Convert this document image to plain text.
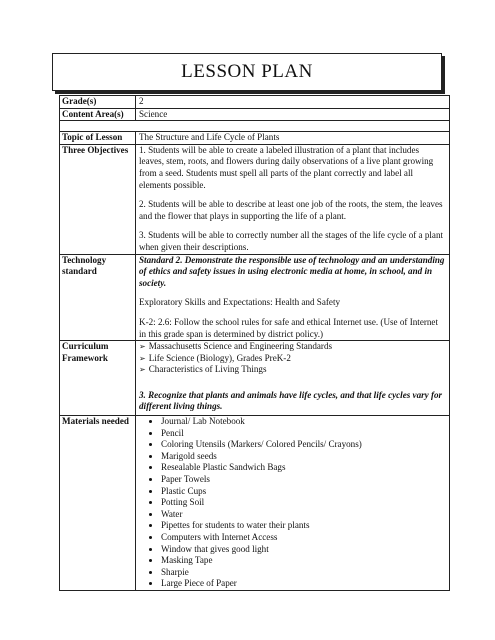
LESSON PLAN
Grade(s)	2
Content Area(s)	Science
Topic of Lesson	The Structure and Life Cycle of Plants
Three Objectives	1. Students will be able to create a labeled illustration of a plant that includes leaves, stem, roots, and flowers during daily observations of a live plant growing from a seed. Students must spell all parts of the plant correctly and label all elements possible.
2. Students will be able to describe at least one job of the roots, the stem, the leaves and the flower that plays in supporting the life of a plant.
3. Students will be able to correctly number all the stages of the life cycle of a plant when given their descriptions.
Technology standard
Standard 2. Demonstrate the responsible use of technology and an understanding of ethics and safety issues in using electronic media at home, in school, and in society.
Exploratory Skills and Expectations: Health and Safety
K-2: 2.6: Follow the school rules for safe and ethical Internet use. (Use of Internet in this grade span is determined by district policy.)
Curriculum Framework
➢ Massachusetts Science and Engineering Standards
➢ Life Science (Biology), Grades PreK-2
➢ Characteristics of Living Things
3. Recognize that plants and animals have life cycles, and that life cycles vary for different living things.
Materials needed
•	Journal/ Lab Notebook
• Pencil
• Coloring Utensils (Markers/ Colored Pencils/ Crayons)
• Marigold seeds
• Resealable Plastic Sandwich Bags
• Paper Towels
• Plastic Cups
• Potting Soil
• Water
• Pipettes for students to water their plants
• Computers with Internet Access
• Window that gives good light
• Masking Tape
• Sharpie
• Large Piece of Paper
